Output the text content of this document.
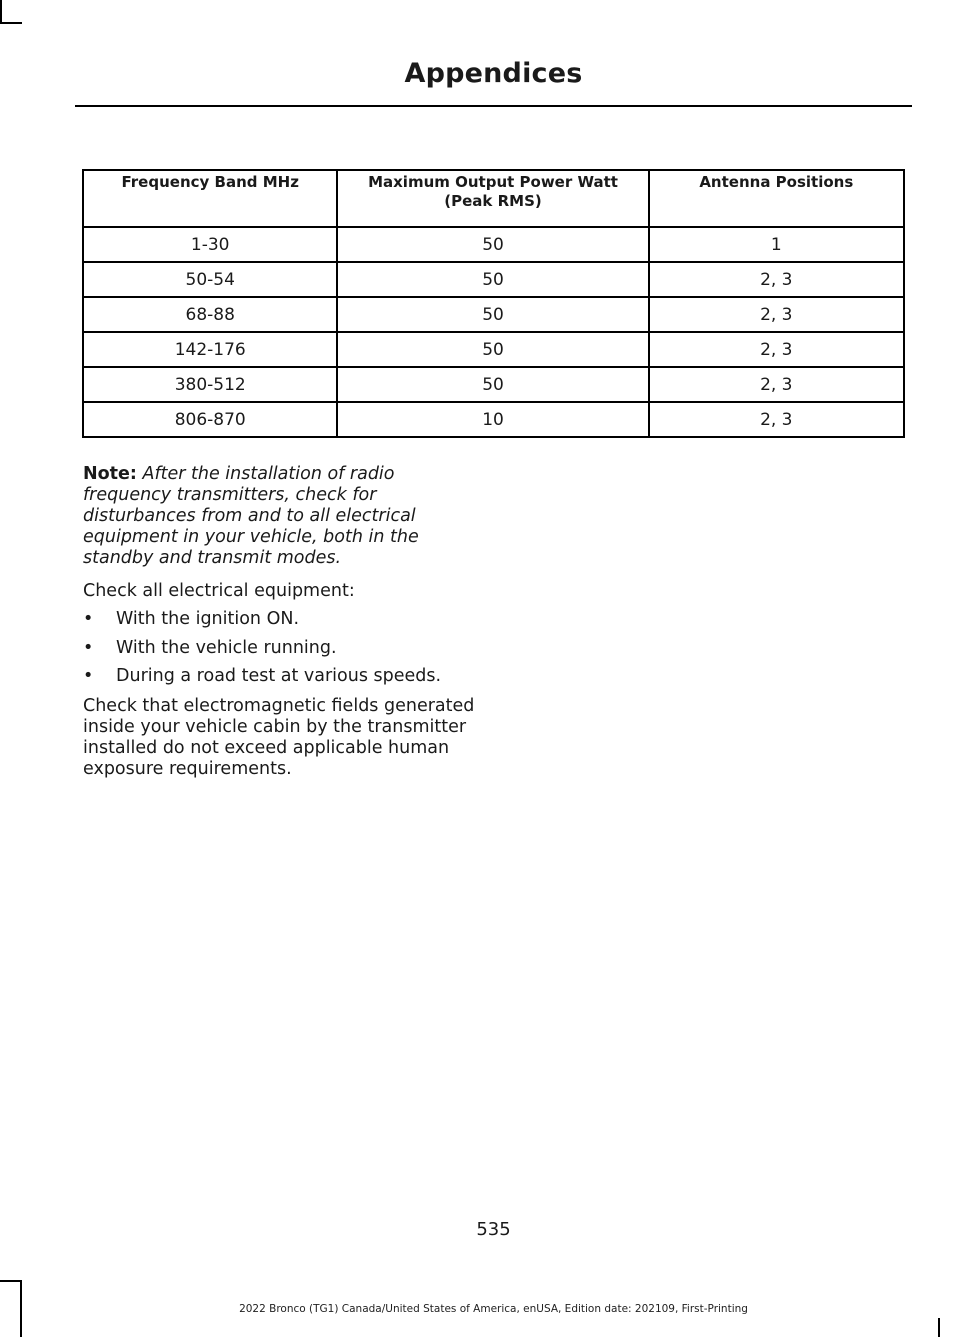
Appendices
Frequency Band MHz	Maximum Output Power Watt (Peak RMS)	Antenna Positions
1-30	50	1
50-54	50	2, 3
68-88	50	2, 3
142-176	50	2, 3
380-512	50	2, 3
806-870	10	2, 3
Note: After the installation of radio frequency transmitters, check for disturbances from and to all electrical equipment in your vehicle, both in the standby and transmit modes.
Check all electrical equipment:
• With the ignition ON.
• With the vehicle running.
• During a road test at various speeds.
Check that electromagnetic fields generated inside your vehicle cabin by the transmitter installed do not exceed applicable human exposure requirements.
535
2022 Bronco (TG1) Canada/United States of America, enUSA, Edition date: 202109, First-Printing
